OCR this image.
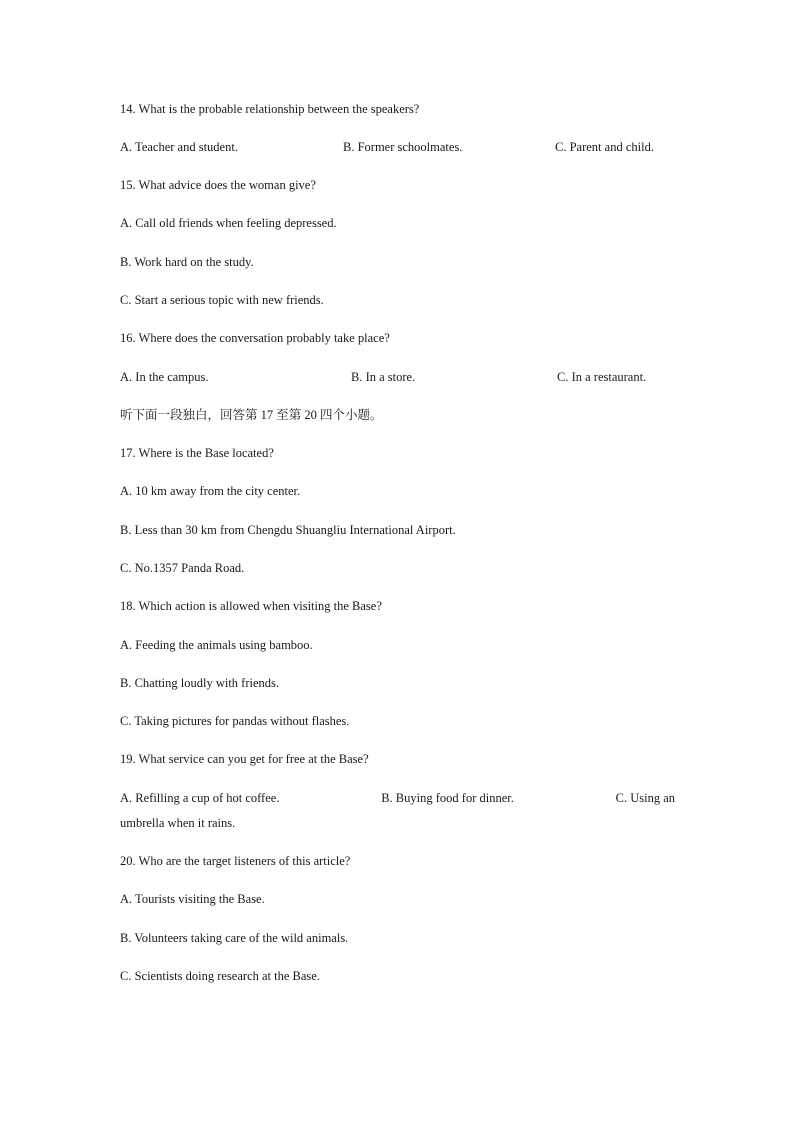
14. What is the probable relationship between the speakers?
A. Teacher and student.	B. Former schoolmates.	C. Parent and child.
15. What advice does the woman give?
A. Call old friends when feeling depressed.
B. Work hard on the study.
C. Start a serious topic with new friends.
16. Where does the conversation probably take place?
A. In the campus.	B. In a store.	C. In a restaurant.
听下面一段独白，回答第 17 至第 20 四个小题。
17. Where is the Base located?
A. 10 km away from the city center.
B. Less than 30 km from Chengdu Shuangliu International Airport.
C. No.1357 Panda Road.
18. Which action is allowed when visiting the Base?
A. Feeding the animals using bamboo.
B. Chatting loudly with friends.
C. Taking pictures for pandas without flashes.
19. What service can you get for free at the Base?
A. Refilling a cup of hot coffee.	B. Buying food for dinner.	C. Using an
umbrella when it rains.
20. Who are the target listeners of this article?
A. Tourists visiting the Base.
B. Volunteers taking care of the wild animals.
C. Scientists doing research at the Base.
